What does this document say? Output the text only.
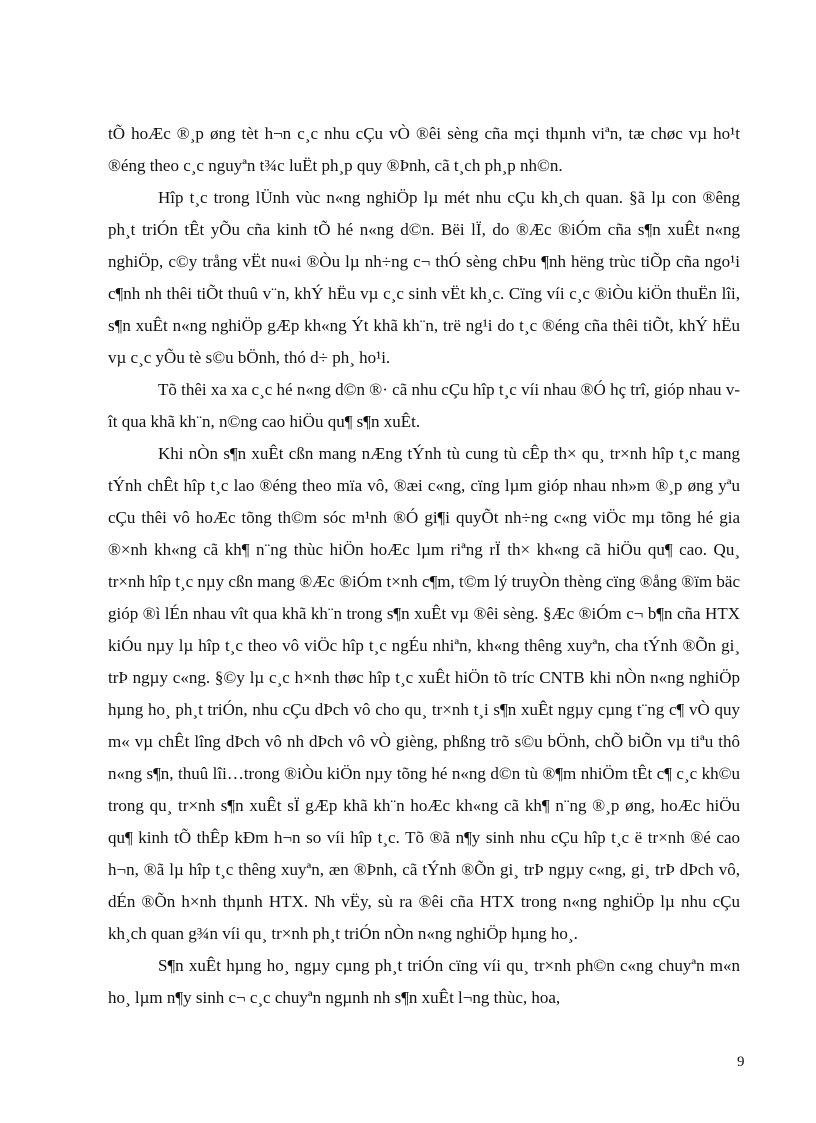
tÕ hoÆc ®¸p øng tèt h¬n c¸c nhu cÇu vÒ ®êi sèng cña mçi thµnh viªn, tæ chøc vµ ho¹t ®éng theo c¸c nguyªn t¾c luËt ph¸p quy ®Þnh, cã t¸ch ph¸p nh©n.

Hîp t¸c trong lÜnh vùc n«ng nghiÖp lµ mét nhu cÇu kh¸ch quan. §ã lµ con ®êng ph¸t triÓn tÊt yÕu cña kinh tÕ hé n«ng d©n. Bëi lÏ, do ®Æc ®iÓm cña s¶n xuÊt n«ng nghiÖp, c©y trång vËt nu«i ®Òu lµ nh÷ng c¬ thÓ sèng chÞu ¶nh hëng trùc tiÕp cña ngo¹i c¶nh nh thêi tiÕt thuû v¨n, khÝ hËu vµ c¸c sinh vËt kh¸c. Cïng víi c¸c ®iÒu kiÖn thuËn lîi, s¶n xuÊt n«ng nghiÖp gÆp kh«ng Ýt khã kh¨n, trë ng¹i do t¸c ®éng cña thêi tiÕt, khÝ hËu vµ c¸c yÕu tè s©u bÖnh, thó d÷ ph¸ ho¹i.

Tõ thêi xa xa c¸c hé n«ng d©n ®· cã nhu cÇu hîp t¸c víi nhau ®Ó hç trî, gióp nhau vît qua khã kh¨n, n©ng cao hiÖu qu¶ s¶n xuÊt.

Khi nÒn s¶n xuÊt cßn mang nÆng tÝnh tù cung tù cÊp th× qu¸ tr×nh hîp t¸c mang tÝnh chÊt hîp t¸c lao ®éng theo mïa vô, ®æi c«ng, cïng lµm gióp nhau nh»m ®¸p øng yªu cÇu thêi vô hoÆc tõng th©m sóc m¹nh ®Ó gi¶i quyÕt nh÷ng c«ng viÖc mµ tõng hé gia ®×nh kh«ng cã kh¶ n¨ng thùc hiÖn hoÆc lµm riªng rÏ th× kh«ng cã hiÖu qu¶ cao. Qu¸ tr×nh hîp t¸c nµy cßn mang ®Æc ®iÓm t×nh c¶m, t©m lý truyÒn thèng cïng ®ång ®ïm bäc gióp ®ì lÉn nhau vît qua khã kh¨n trong s¶n xuÊt vµ ®êi sèng. §Æc ®iÓm c¬ b¶n cña HTX kiÓu nµy lµ hîp t¸c theo vô viÖc hîp t¸c ngÉu nhiªn, kh«ng thêng xuyªn, cha tÝnh ®Õn gi¸ trÞ ngµy c«ng. §©y lµ c¸c h×nh thøc hîp t¸c xuÊt hiÖn tõ tríc CNTB khi nÒn n«ng nghiÖp hµng ho¸ ph¸t triÓn, nhu cÇu dÞch vô cho qu¸ tr×nh t¸i s¶n xuÊt ngµy cµng t¨ng c¶ vÒ quy m« vµ chÊt lîng dÞch vô nh dÞch vô vÒ gièng, phßng trõ s©u bÖnh, chÕ biÕn vµ tiªu thô n«ng s¶n, thuû lîi…trong ®iÒu kiÖn nµy tõng hé n«ng d©n tù ®¶m nhiÖm tÊt c¶ c¸c kh©u trong qu¸ tr×nh s¶n xuÊt sÏ gÆp khã kh¨n hoÆc kh«ng cã kh¶ n¨ng ®¸p øng, hoÆc hiÖu qu¶ kinh tÕ thÊp kÐm h¬n so víi hîp t¸c. Tõ ®ã n¶y sinh nhu cÇu hîp t¸c ë tr×nh ®é cao h¬n, ®ã lµ hîp t¸c thêng xuyªn, æn ®Þnh, cã tÝnh ®Õn gi¸ trÞ ngµy c«ng, gi¸ trÞ dÞch vô, dÉn ®Õn h×nh thµnh HTX. Nh vËy, sù ra ®êi cña HTX trong n«ng nghiÖp lµ nhu cÇu kh¸ch quan g¾n víi qu¸ tr×nh ph¸t triÓn nÒn n«ng nghiÖp hµng ho¸.

S¶n xuÊt hµng ho¸ ngµy cµng ph¸t triÓn cïng víi qu¸ tr×nh ph©n c«ng chuyªn m«n ho¸ lµm n¶y sinh c¬ c¸c chuyªn ngµnh nh s¶n xuÊt l¬ng thùc, hoa,

9
